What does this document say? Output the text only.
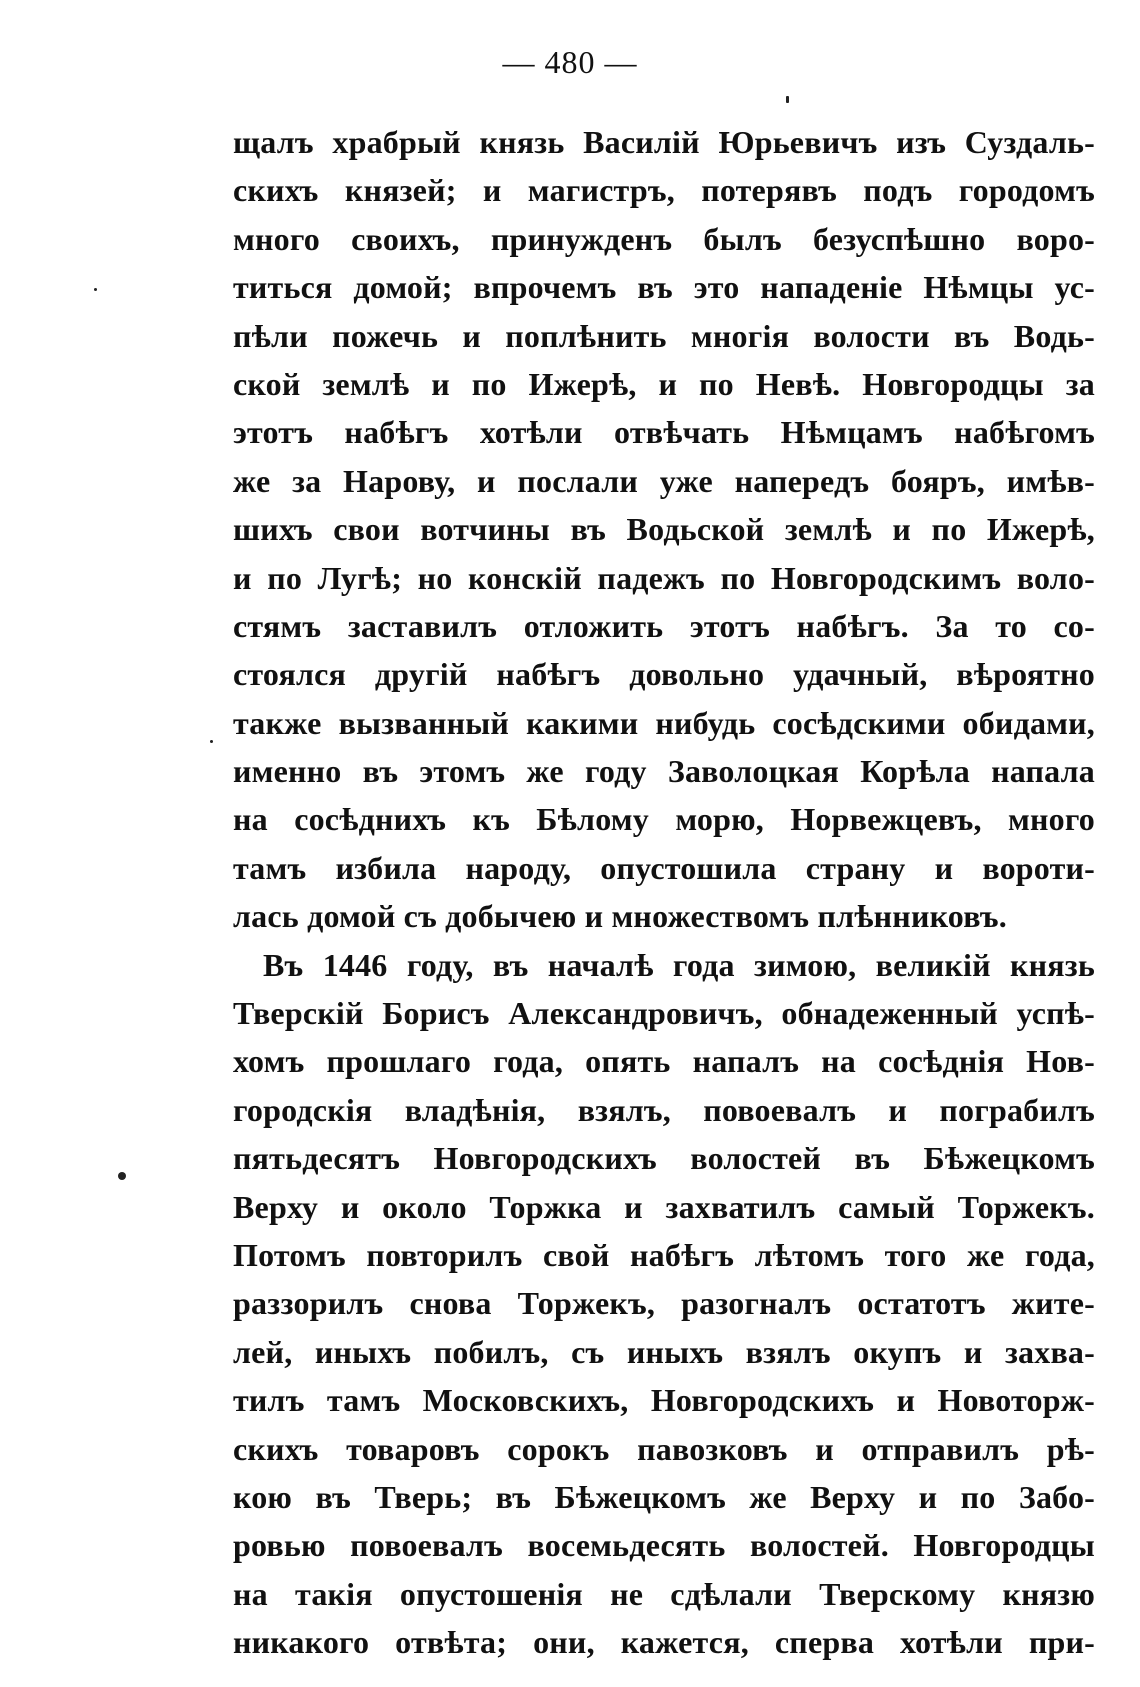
— 480 —
щалъ храбрый князь Василій Юрьевичъ изъ Суздаль-
скихъ князей; и магистръ, потерявъ подъ городомъ
много своихъ, принужденъ былъ безуспѣшно воро-
титься домой; впрочемъ въ это нападеніе Нѣмцы ус-
пѣли пожечь и поплѣнить многія волости въ Водь-
ской землѣ и по Ижерѣ, и по Невѣ. Новгородцы за
этотъ набѣгъ хотѣли отвѣчать Нѣмцамъ набѣгомъ
же за Нарову, и послали уже напередъ бояръ, имѣв-
шихъ свои вотчины въ Водьской землѣ и по Ижерѣ,
и по Лугѣ; но конскій падежъ по Новгородскимъ воло-
стямъ заставилъ отложить этотъ набѣгъ. За то со-
стоялся другій набѣгъ довольно удачный, вѣроятно
также вызванный какими нибудь сосѣдскими обидами,
именно въ этомъ же году Заволоцкая Корѣла напала
на сосѣднихъ къ Бѣлому морю, Норвежцевъ, много
тамъ избила народу, опустошила страну и вороти-
лась домой съ добычею и множествомъ плѣнниковъ.
Въ 1446 году, въ началѣ года зимою, великій князь
Тверскій Борисъ Александровичъ, обнадеженный успѣ-
хомъ прошлаго года, опять напалъ на сосѣднія Нов-
городскія владѣнія, взялъ, повоевалъ и пограбилъ
пятьдесятъ Новгородскихъ волостей въ Бѣжецкомъ
Верху и около Торжка и захватилъ самый Торжекъ.
Потомъ повторилъ свой набѣгъ лѣтомъ того же года,
раззорилъ снова Торжекъ, разогналъ остатотъ жите-
лей, иныхъ побилъ, съ иныхъ взялъ окупъ и захва-
тилъ тамъ Московскихъ, Новгородскихъ и Новоторж-
скихъ товаровъ сорокъ павозковъ и отправилъ рѣ-
кою въ Тверь; въ Бѣжецкомъ же Верху и по Забо-
ровью повоевалъ восемьдесять волостей. Новгородцы
на такія опустошенія не сдѣлали Тверскому князю
никакого отвѣта; они, кажется, сперва хотѣли при-
